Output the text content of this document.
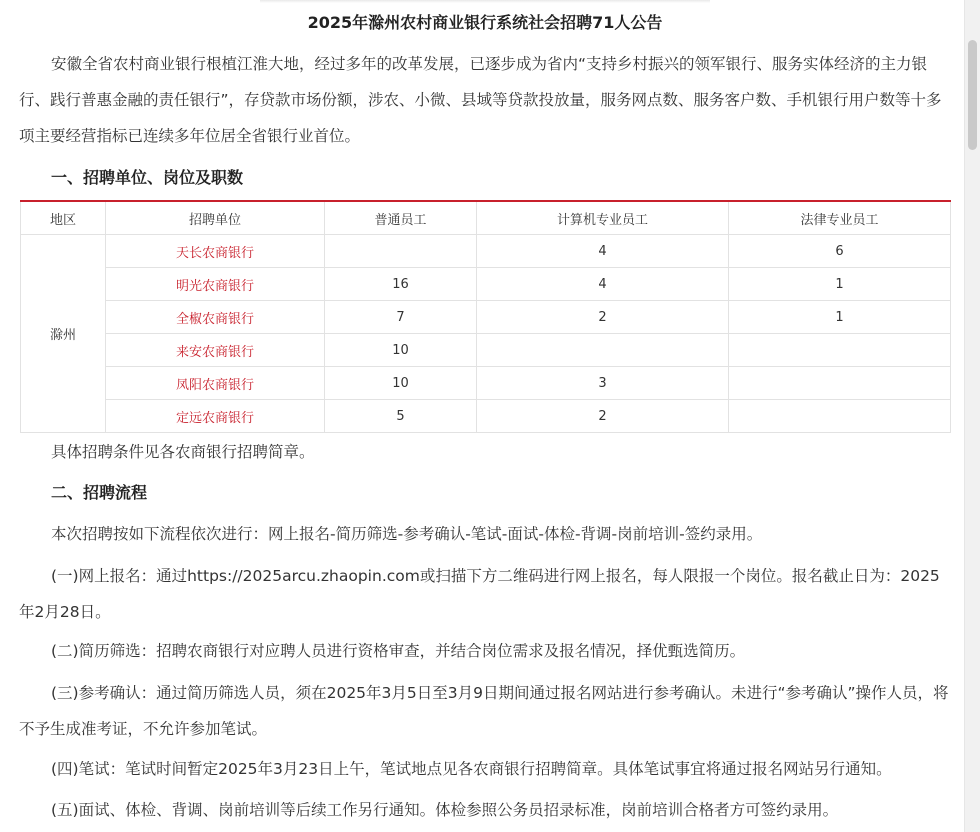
2025年滁州农村商业银行系统社会招聘71人公告

安徽全省农村商业银行根植江淮大地，经过多年的改革发展，已逐步成为省内“支持乡村振兴的领军银行、服务实体经济的主力银行、践行普惠金融的责任银行”，存贷款市场份额，涉农、小微、县域等贷款投放量，服务网点数、服务客户数、手机银行用户数等十多项主要经营指标已连续多年位居全省银行业首位。

一、招聘单位、岗位及职数
地区	招聘单位	普通员工	计算机专业员工	法律专业员工
滁州	天长农商银行		4	6
	明光农商银行	16	4	1
	全椒农商银行	7	2	1
	来安农商银行	10		
	凤阳农商银行	10	3	
	定远农商银行	5	2	

具体招聘条件见各农商银行招聘简章。

二、招聘流程

本次招聘按如下流程依次进行：网上报名-简历筛选-参考确认-笔试-面试-体检-背调-岗前培训-签约录用。

(一)网上报名：通过https://2025arcu.zhaopin.com或扫描下方二维码进行网上报名，每人限报一个岗位。报名截止日为：2025年2月28日。

(二)简历筛选：招聘农商银行对应聘人员进行资格审查，并结合岗位需求及报名情况，择优甄选简历。

(三)参考确认：通过简历筛选人员，须在2025年3月5日至3月9日期间通过报名网站进行参考确认。未进行“参考确认”操作人员，将不予生成准考证，不允许参加笔试。

(四)笔试：笔试时间暂定2025年3月23日上午，笔试地点见各农商银行招聘简章。具体笔试事宜将通过报名网站另行通知。

(五)面试、体检、背调、岗前培训等后续工作另行通知。体检参照公务员招录标准，岗前培训合格者方可签约录用。
